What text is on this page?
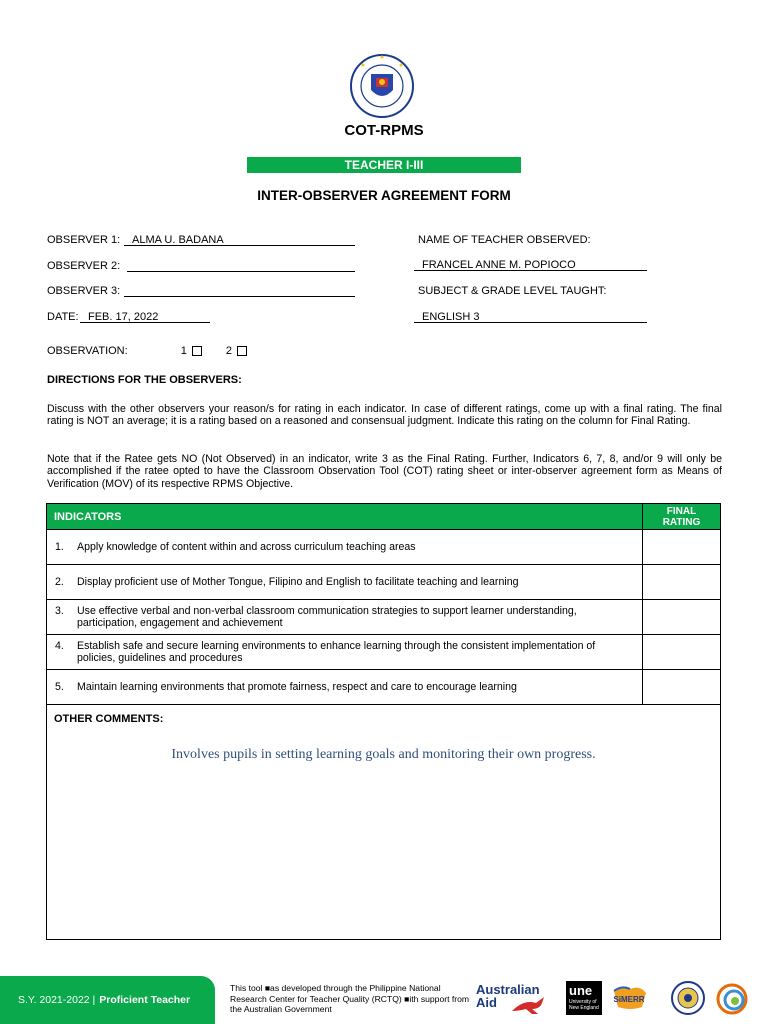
COT-RPMS
TEACHER I-III
INTER-OBSERVER AGREEMENT FORM
OBSERVER 1:	ALMA U. BADANA
OBSERVER 2:
OBSERVER 3:
DATE: FEB. 17, 2022
NAME OF TEACHER OBSERVED:
FRANCEL ANNE M. POPIOCO
SUBJECT & GRADE LEVEL TAUGHT:
ENGLISH 3
OBSERVATION:	1	2
DIRECTIONS FOR THE OBSERVERS:
Discuss with the other observers your reason/s for rating in each indicator. In case of different ratings, come up with a final rating. The final rating is NOT an average; it is a rating based on a reasoned and consensual judgment. Indicate this rating on the column for Final Rating.
Note that if the Ratee gets NO (Not Observed) in an indicator, write 3 as the Final Rating. Further, Indicators 6, 7, 8, and/or 9 will only be accomplished if the ratee opted to have the Classroom Observation Tool (COT) rating sheet or inter-observer agreement form as Means of Verification (MOV) of its respective RPMS Objective.
INDICATORS	FINAL RATING

1. Apply knowledge of content within and across curriculum teaching areas	

2. Display proficient use of Mother Tongue, Filipino and English to facilitate teaching and learning	

3. Use effective verbal and non-verbal classroom communication strategies to support learner understanding, participation, engagement and achievement	

4. Establish safe and secure learning environments to enhance learning through the consistent implementation of policies, guidelines and procedures	

5. Maintain learning environments that promote fairness, respect and care to encourage learning	

OTHER COMMENTS:
Involves pupils in setting learning goals and monitoring their own progress.
S.Y. 2021-2022 | Proficient Teacher
This tool ■as developed through the Philippine National Research Center for Teacher Quality (RCTQ) ■ith support from the Australian Government
Australian
Aid
une
University of New England
SiMERR
